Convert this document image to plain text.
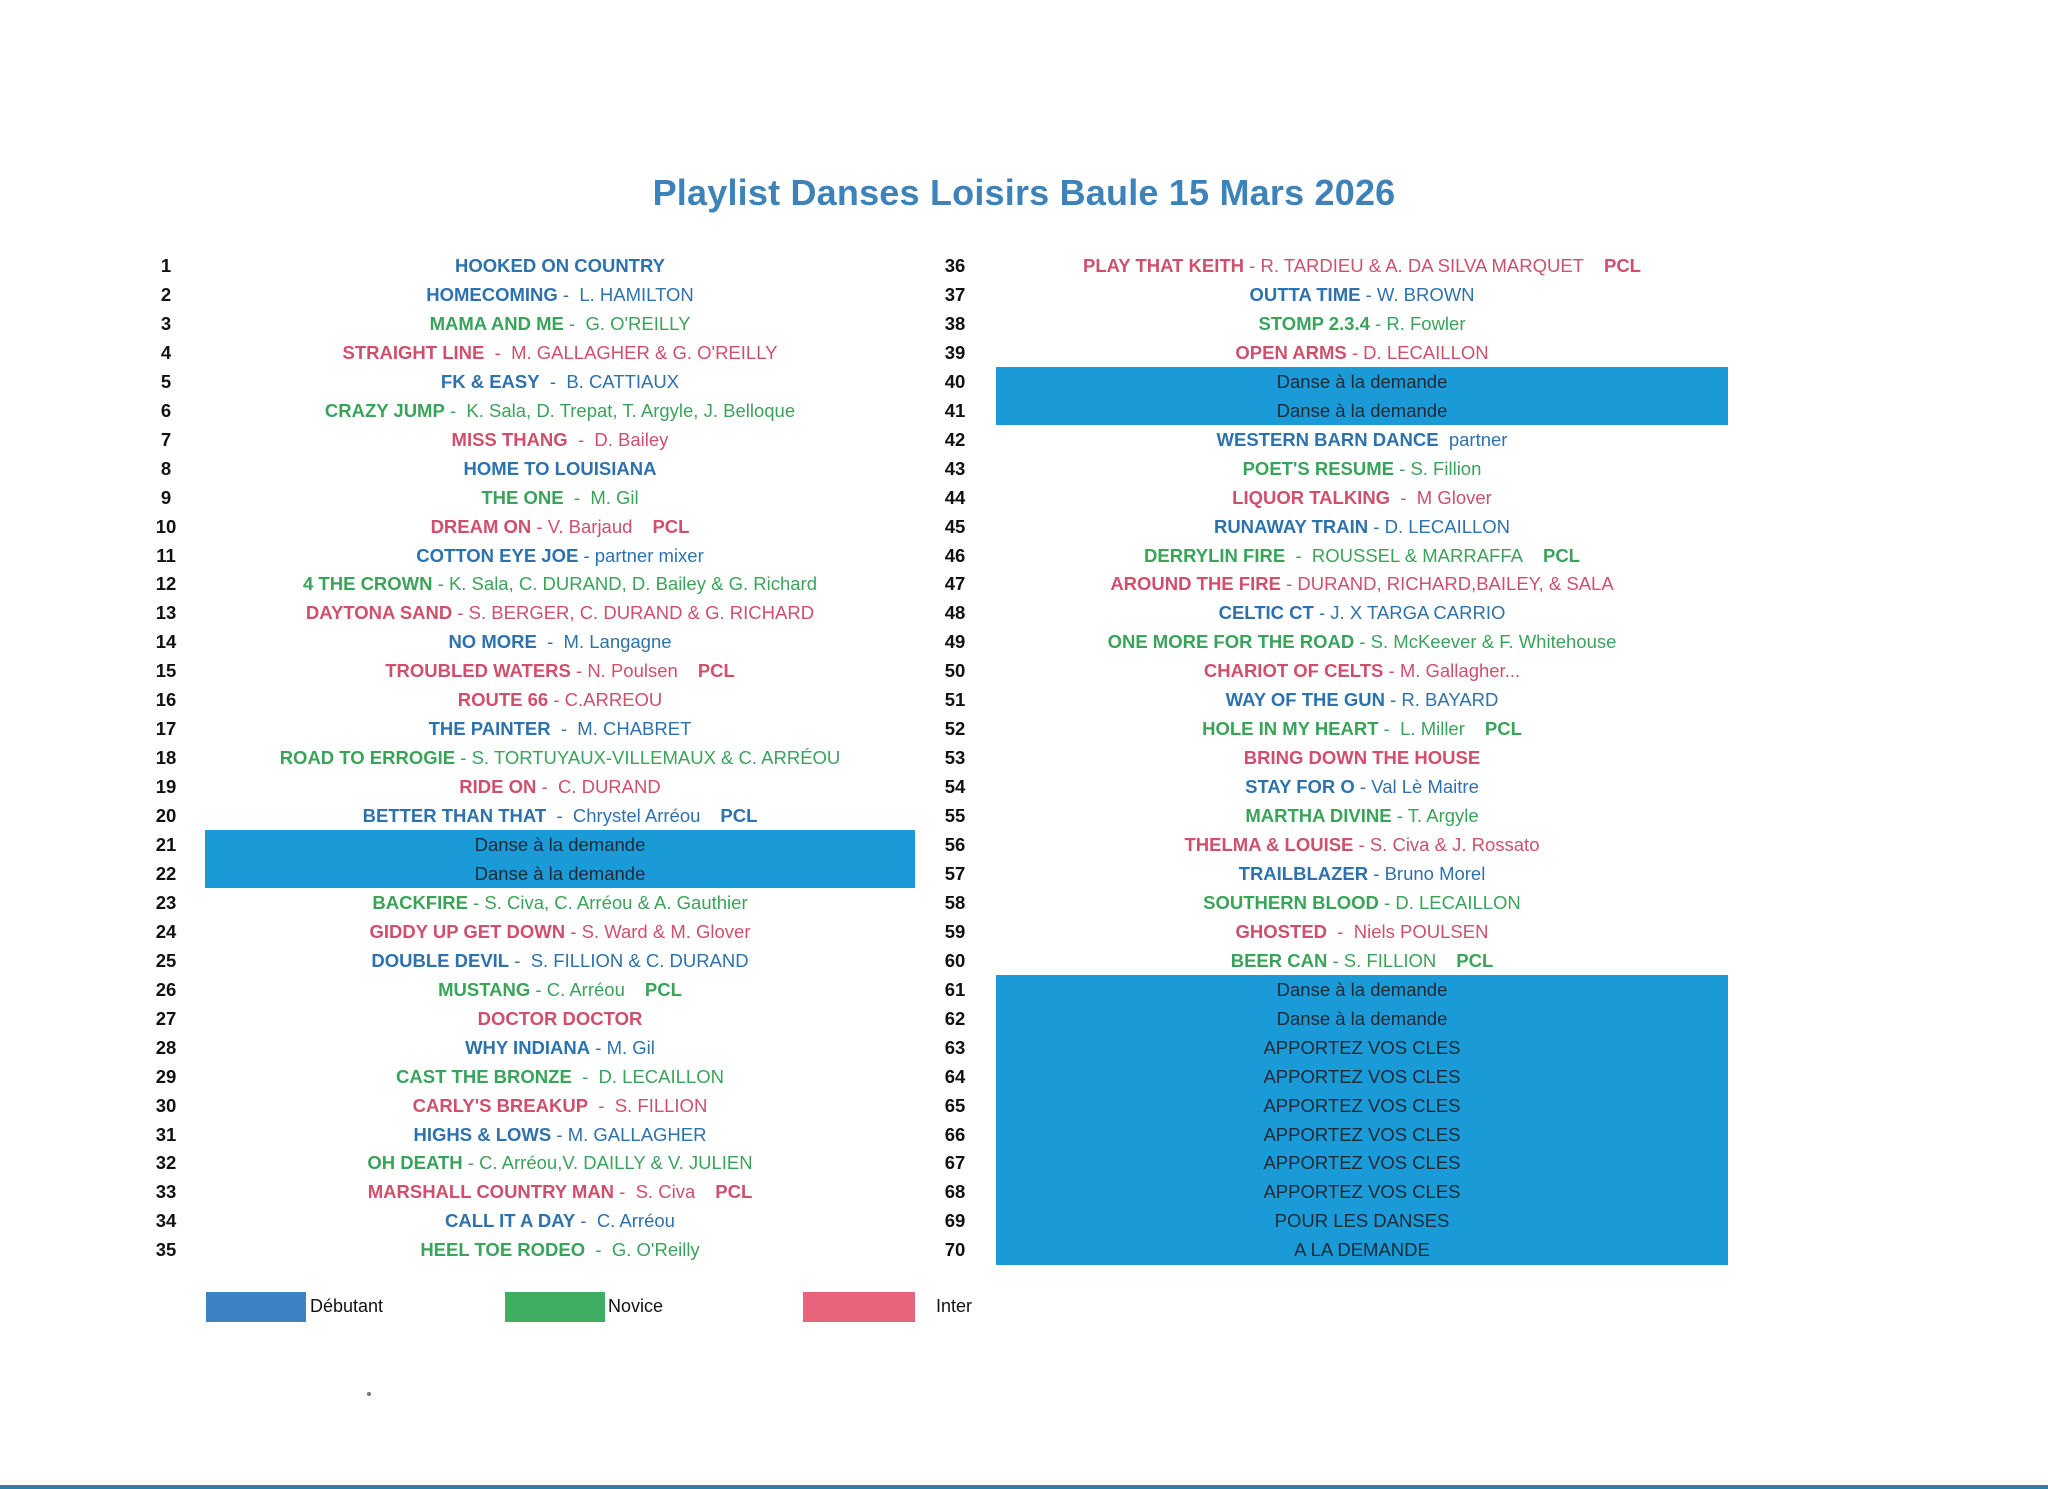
Playlist Danses Loisirs Baule 15 Mars 2026
1	HOOKED ON COUNTRY
2	HOMECOMING -  L. HAMILTON
3	MAMA AND ME -  G. O'REILLY
4	STRAIGHT LINE  -  M. GALLAGHER & G. O'REILLY
5	FK & EASY  -  B. CATTIAUX
6	CRAZY JUMP -  K. Sala, D. Trepat, T. Argyle, J. Belloque
7	MISS THANG  -  D. Bailey
8	HOME TO LOUISIANA
9	THE ONE  -  M. Gil
10	DREAM ON - V. Barjaud PCL
11	COTTON EYE JOE - partner mixer
12	4 THE CROWN - K. Sala, C. DURAND, D. Bailey & G. Richard
13	DAYTONA SAND - S. BERGER, C. DURAND & G. RICHARD
14	NO MORE  -  M. Langagne
15	TROUBLED WATERS - N. Poulsen PCL
16	ROUTE 66 - C.ARREOU
17	THE PAINTER  -  M. CHABRET
18	ROAD TO ERROGIE - S. TORTUYAUX-VILLEMAUX & C. ARRÉOU
19	RIDE ON -  C. DURAND
20	BETTER THAN THAT  -  Chrystel Arréou PCL
21	Danse à la demande
22	Danse à la demande
23	BACKFIRE - S. Civa, C. Arréou & A. Gauthier
24	GIDDY UP GET DOWN - S. Ward & M. Glover
25	DOUBLE DEVIL -  S. FILLION & C. DURAND
26	MUSTANG - C. Arréou PCL
27	DOCTOR DOCTOR
28	WHY INDIANA - M. Gil
29	CAST THE BRONZE  -  D. LECAILLON
30	CARLY'S BREAKUP  -  S. FILLION
31	HIGHS & LOWS - M. GALLAGHER
32	OH DEATH - C. Arréou,V. DAILLY & V. JULIEN
33	MARSHALL COUNTRY MAN -  S. Civa PCL
34	CALL IT A DAY -  C. Arréou
35	HEEL TOE RODEO  -  G. O'Reilly
36	PLAY THAT KEITH - R. TARDIEU & A. DA SILVA MARQUET PCL
37	OUTTA TIME - W. BROWN
38	STOMP 2.3.4 - R. Fowler
39	OPEN ARMS - D. LECAILLON
40	Danse à la demande
41	Danse à la demande
42	WESTERN BARN DANCE  partner
43	POET'S RESUME - S. Fillion
44	LIQUOR TALKING  -  M Glover
45	RUNAWAY TRAIN - D. LECAILLON
46	DERRYLIN FIRE  -  ROUSSEL & MARRAFFA PCL
47	AROUND THE FIRE - DURAND, RICHARD,BAILEY, & SALA
48	CELTIC CT - J. X TARGA CARRIO
49	ONE MORE FOR THE ROAD - S. McKeever & F. Whitehouse
50	CHARIOT OF CELTS - M. Gallagher...
51	WAY OF THE GUN - R. BAYARD
52	HOLE IN MY HEART -  L. Miller PCL
53	BRING DOWN THE HOUSE
54	STAY FOR O - Val Lè Maitre
55	MARTHA DIVINE - T. Argyle
56	THELMA & LOUISE - S. Civa & J. Rossato
57	TRAILBLAZER - Bruno Morel
58	SOUTHERN BLOOD - D. LECAILLON
59	GHOSTED  -  Niels POULSEN
60	BEER CAN - S. FILLION PCL
61	Danse à la demande
62	Danse à la demande
63	APPORTEZ VOS CLES
64	APPORTEZ VOS CLES
65	APPORTEZ VOS CLES
66	APPORTEZ VOS CLES
67	APPORTEZ VOS CLES
68	APPORTEZ VOS CLES
69	POUR LES DANSES
70	A LA DEMANDE
Débutant	Novice	Inter
